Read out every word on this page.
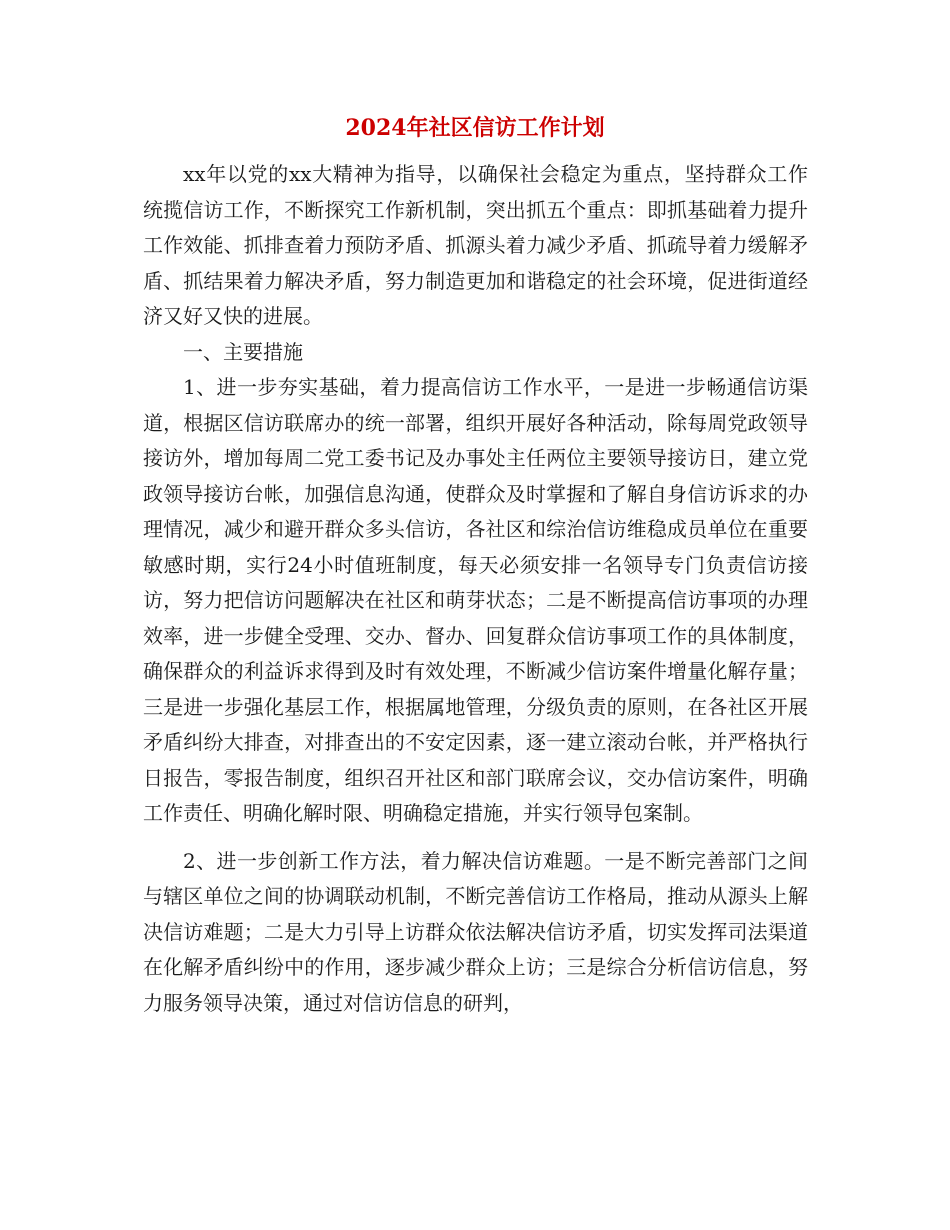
2024年社区信访工作计划

xx年以党的xx大精神为指导，以确保社会稳定为重点，坚持群众工作统揽信访工作，不断探究工作新机制，突出抓五个重点：即抓基础着力提升工作效能、抓排查着力预防矛盾、抓源头着力减少矛盾、抓疏导着力缓解矛盾、抓结果着力解决矛盾，努力制造更加和谐稳定的社会环境，促进街道经济又好又快的进展。

一、主要措施

1、进一步夯实基础，着力提高信访工作水平，一是进一步畅通信访渠道，根据区信访联席办的统一部署，组织开展好各种活动，除每周党政领导接访外，增加每周二党工委书记及办事处主任两位主要领导接访日，建立党政领导接访台帐，加强信息沟通，使群众及时掌握和了解自身信访诉求的办理情况，减少和避开群众多头信访，各社区和综治信访维稳成员单位在重要敏感时期，实行24小时值班制度，每天必须安排一名领导专门负责信访接访，努力把信访问题解决在社区和萌芽状态；二是不断提高信访事项的办理效率，进一步健全受理、交办、督办、回复群众信访事项工作的具体制度，确保群众的利益诉求得到及时有效处理，不断减少信访案件增量化解存量；三是进一步强化基层工作，根据属地管理，分级负责的原则，在各社区开展矛盾纠纷大排查，对排查出的不安定因素，逐一建立滚动台帐，并严格执行日报告，零报告制度，组织召开社区和部门联席会议，交办信访案件，明确工作责任、明确化解时限、明确稳定措施，并实行领导包案制。

2、进一步创新工作方法，着力解决信访难题。一是不断完善部门之间与辖区单位之间的协调联动机制，不断完善信访工作格局，推动从源头上解决信访难题；二是大力引导上访群众依法解决信访矛盾，切实发挥司法渠道在化解矛盾纠纷中的作用，逐步减少群众上访；三是综合分析信访信息，努力服务领导决策，通过对信访信息的研判，
